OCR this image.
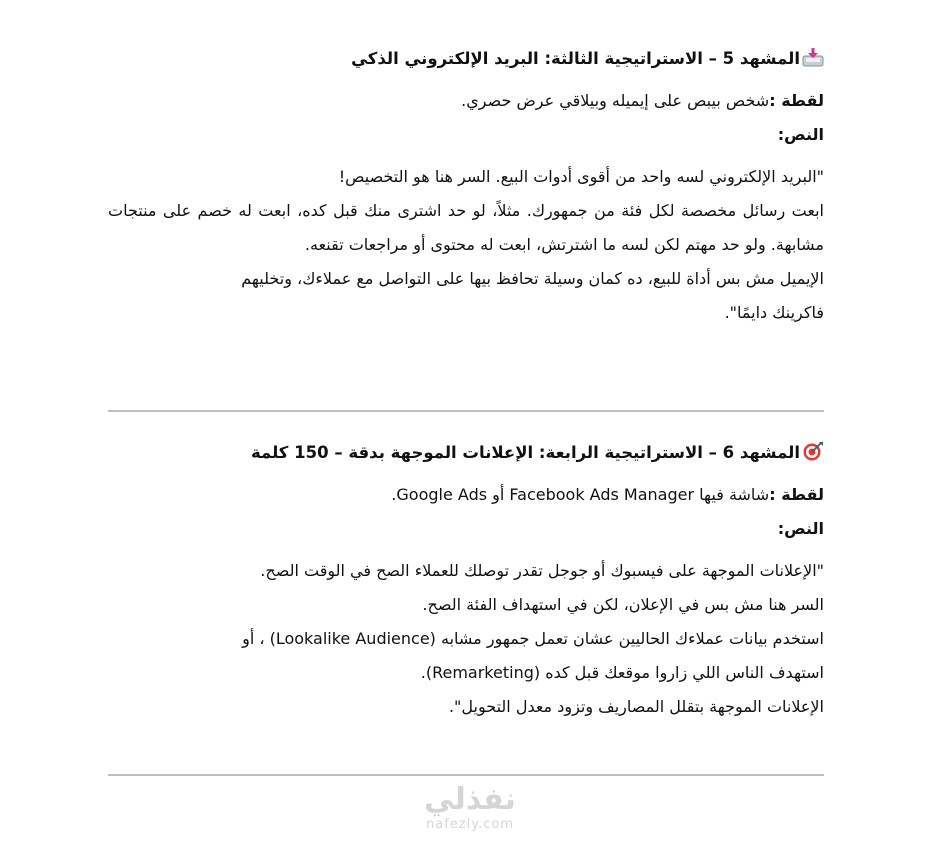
المشهد 5 – الاستراتيجية الثالثة: البريد الإلكتروني الذكي
لقطة :شخص بيبص على إيميله وبيلاقي عرض حصري.
النص:
"البريد الإلكتروني لسه واحد من أقوى أدوات البيع. السر هنا هو التخصيص!
ابعت رسائل مخصصة لكل فئة من جمهورك. مثلاً، لو حد اشترى منك قبل كده، ابعت له خصم على منتجات مشابهة. ولو حد مهتم لكن لسه ما اشترتش، ابعت له محتوى أو مراجعات تقنعه.
الإيميل مش بس أداة للبيع، ده كمان وسيلة تحافظ بيها على التواصل مع عملاءك، وتخليهم
فاكرينك دايمًا".
المشهد 6 – الاستراتيجية الرابعة: الإعلانات الموجهة بدقة – 150 كلمة
لقطة :شاشة فيها Facebook Ads Manager أو Google Ads.
النص:
"الإعلانات الموجهة على فيسبوك أو جوجل تقدر توصلك للعملاء الصح في الوقت الصح.
السر هنا مش بس في الإعلان، لكن في استهداف الفئة الصح.
استخدم بيانات عملاءك الحاليين عشان تعمل جمهور مشابه (Lookalike Audience) ، أو
استهدف الناس اللي زاروا موقعك قبل كده (Remarketing).
الإعلانات الموجهة بتقلل المصاريف وتزود معدل التحويل".
نفذلي
nafezly.com
